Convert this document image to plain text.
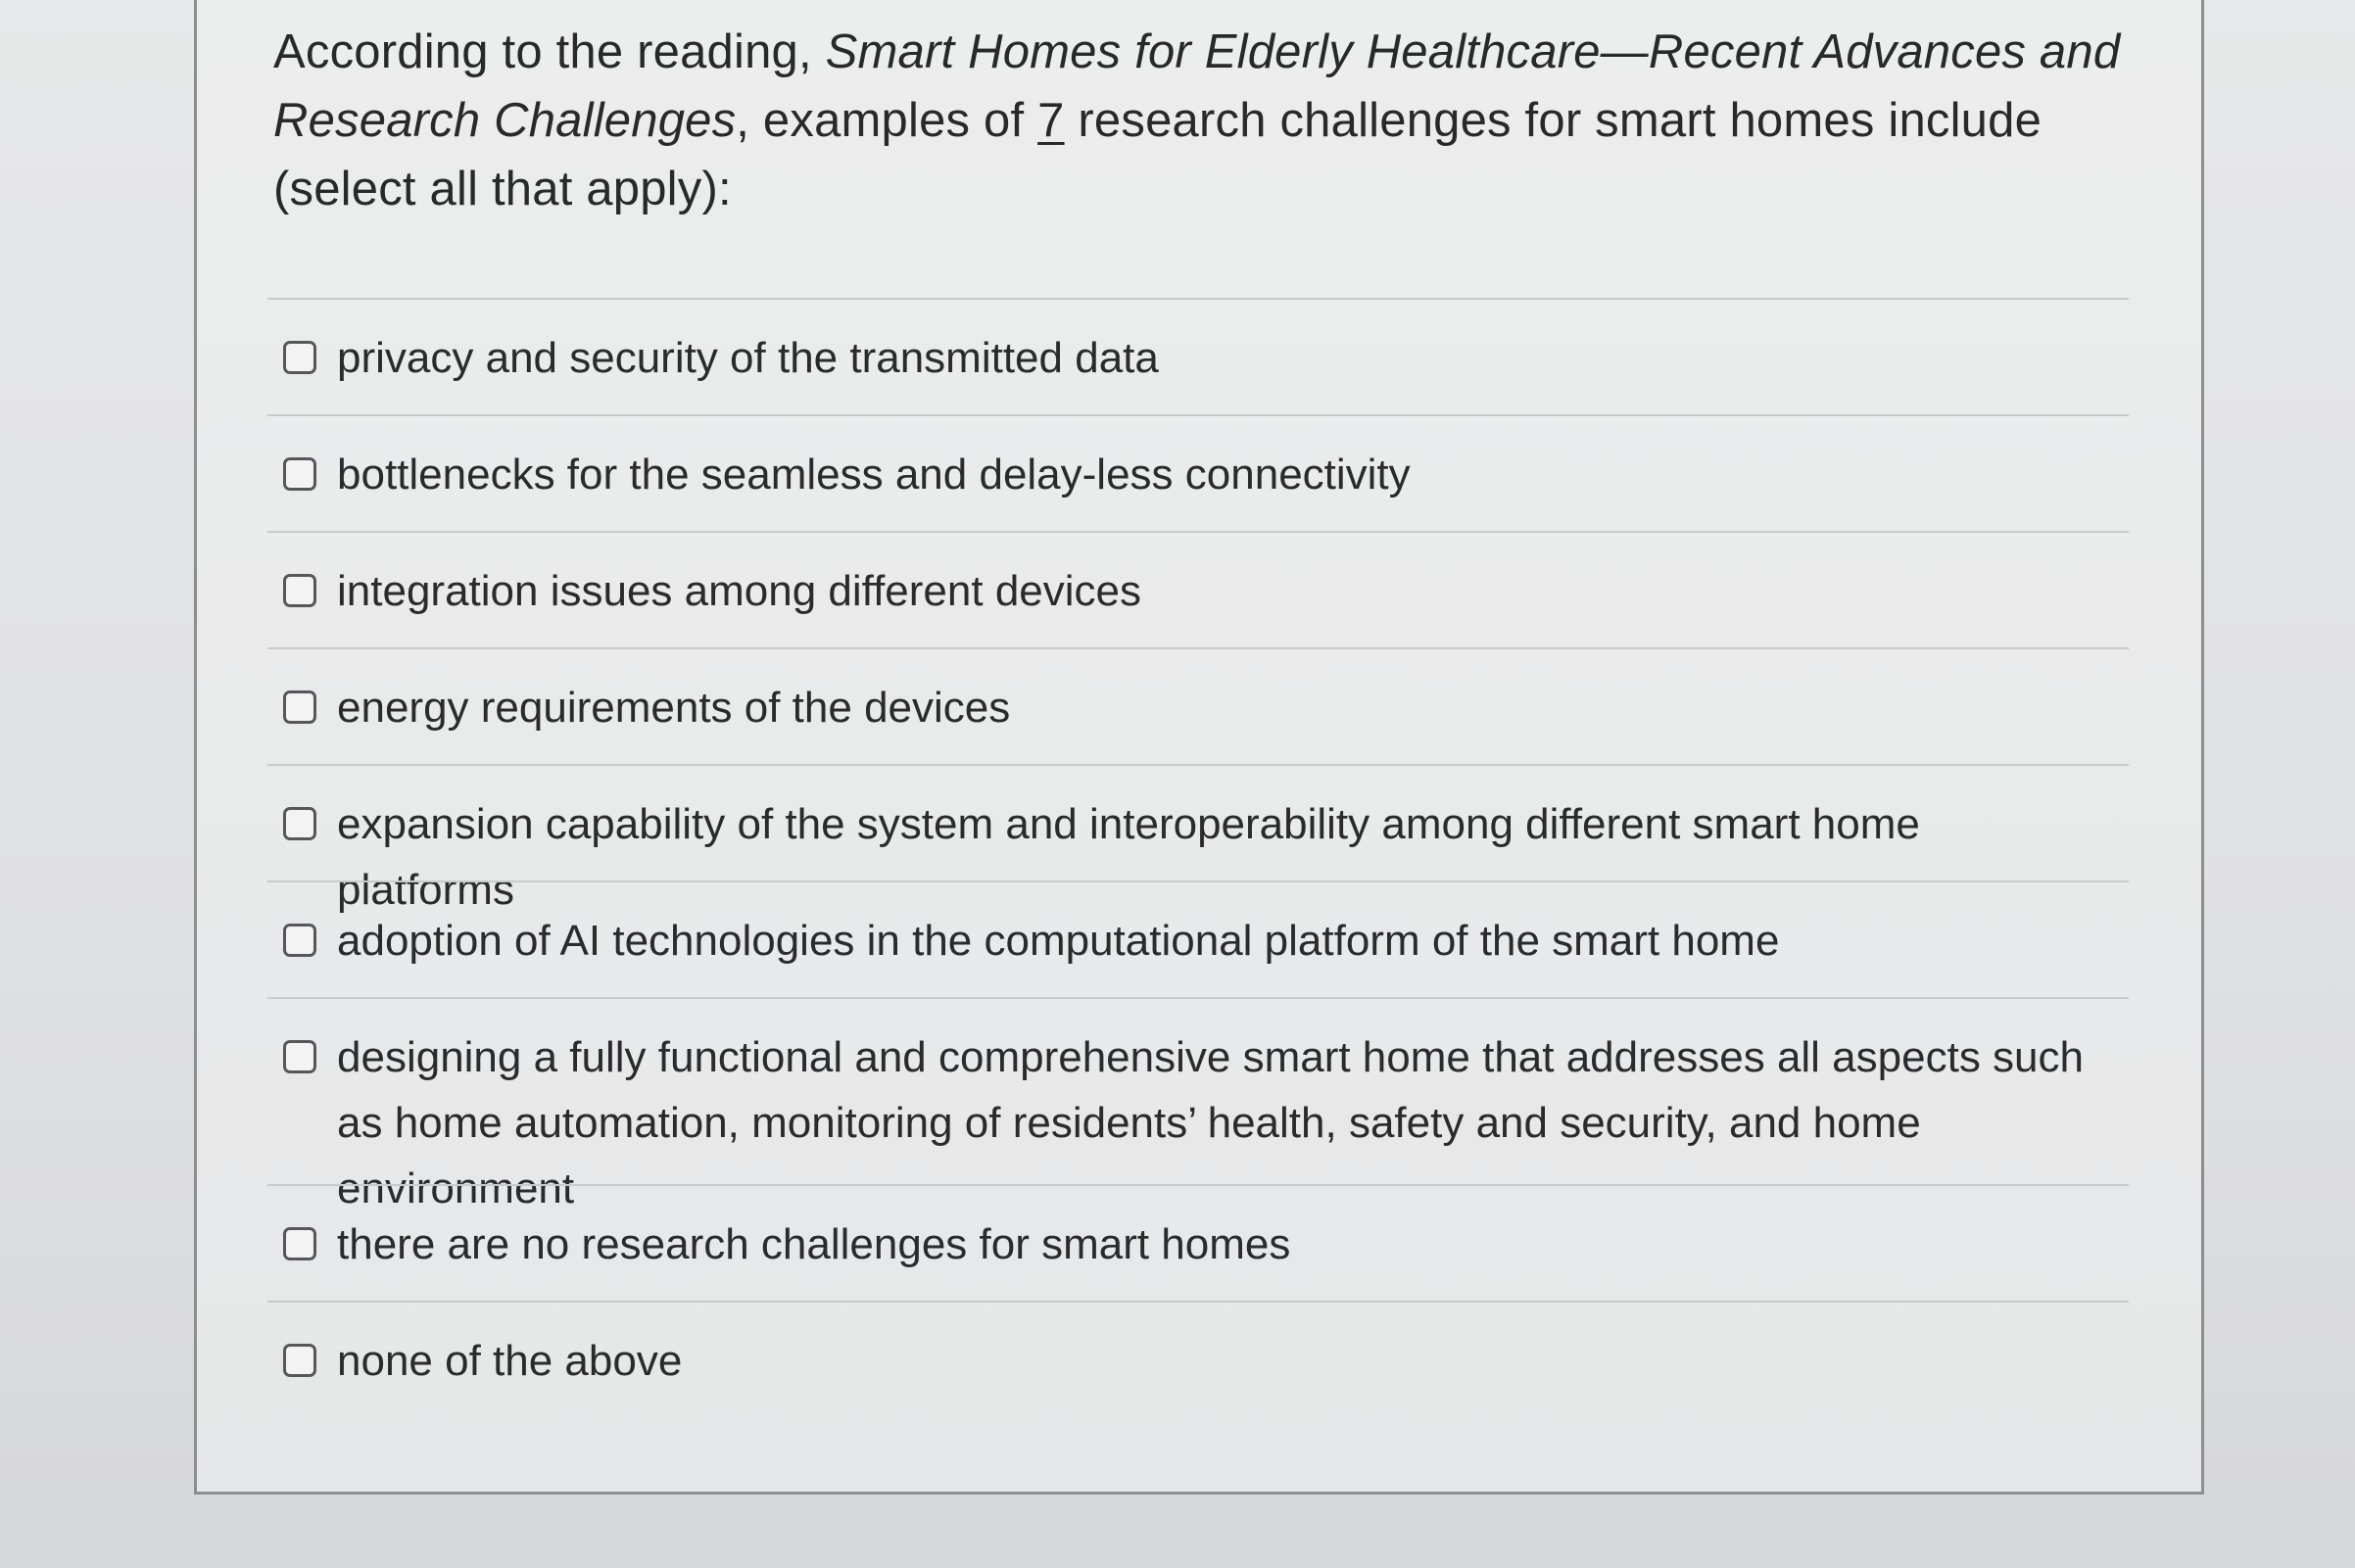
According to the reading, Smart Homes for Elderly Healthcare—Recent Advances and Research Challenges, examples of 7 research challenges for smart homes include (select all that apply):

privacy and security of the transmitted data
bottlenecks for the seamless and delay-less connectivity
integration issues among different devices
energy requirements of the devices
expansion capability of the system and interoperability among different smart home platforms
adoption of AI technologies in the computational platform of the smart home
designing a fully functional and comprehensive smart home that addresses all aspects such as home automation, monitoring of residents’ health, safety and security, and home environment
there are no research challenges for smart homes
none of the above
